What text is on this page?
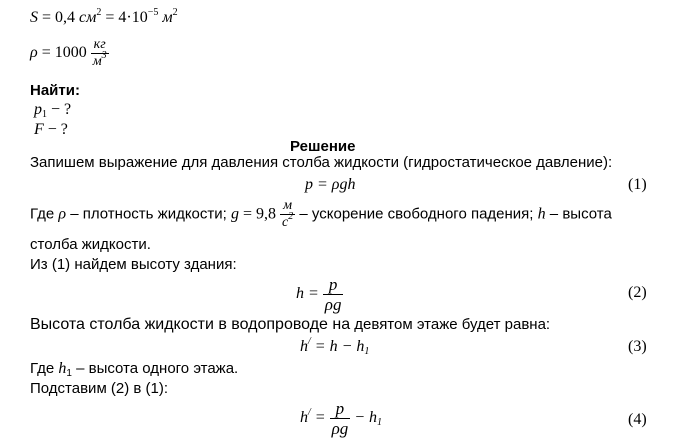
S = 0,4 $см^2 = 4\cdot 10^{-5}$ $м^2$
$\rho = 1000 \frac{кг}{м^3}$
Найти:
$p_1$ − ?
F − ?
Решение
Запишем выражение для давления столба жидкости (гидростатическое давление):
p = ρgh	(1)
Где ρ – плотность жидкости; $g = 9,8 \frac{м}{с^2}$ – ускорение свободного падения; h – высота
столба жидкости.
Из (1) найдем высоту здания:
$h = \frac{p}{\rho g}$	(2)
Высота столба жидкости в водопроводе на девятом этаже будет равна:
$h^/ = h - h_1$	(3)
Где $h_1$ – высота одного этажа.
Подставим (2) в (1):
$h^/ = \frac{p}{\rho g} - h_1$	(4)
